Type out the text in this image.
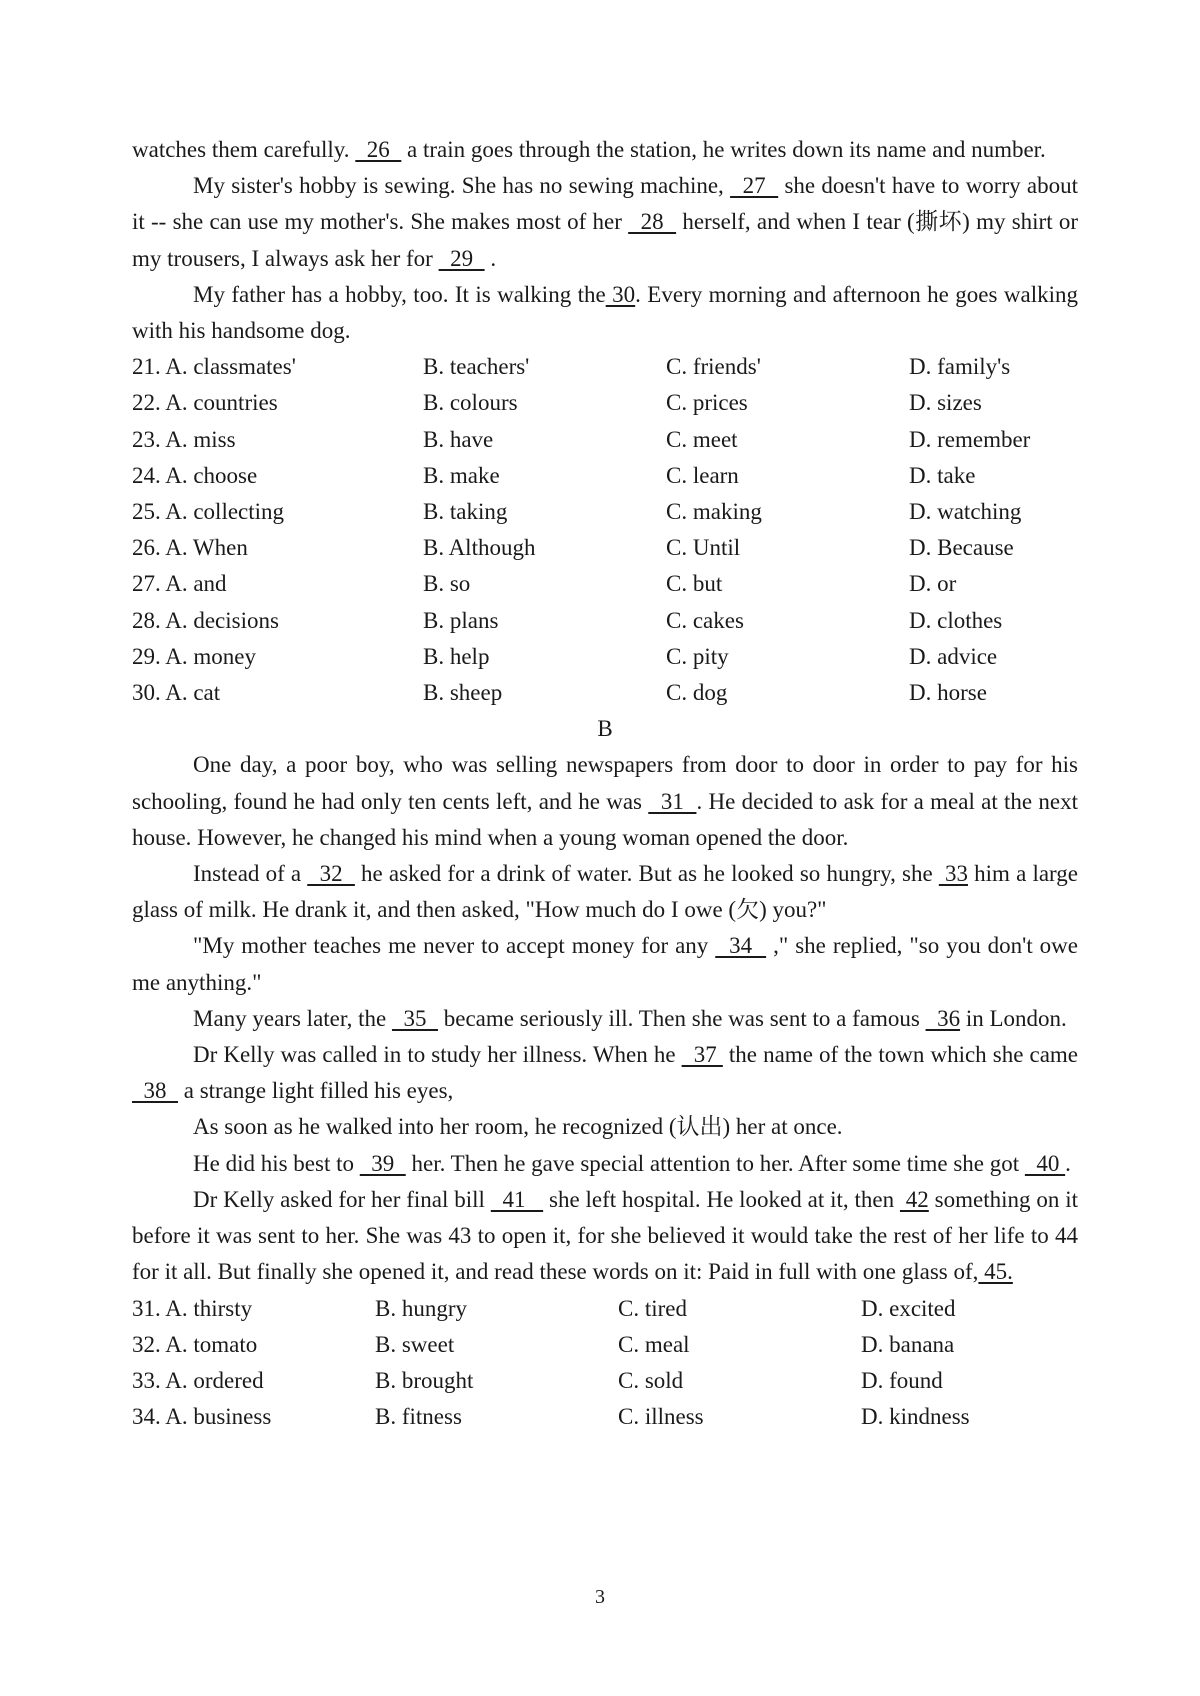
watches them carefully.   26   a train goes through the station, he writes down its name and number.

My sister's hobby is sewing. She has no sewing machine,   27   she doesn't have to worry about it -- she can use my mother's. She makes most of her   28   herself, and when I tear (撕坏) my shirt or my trousers, I always ask her for   29   .

My father has a hobby, too. It is walking the 30. Every morning and afternoon he goes walking with his handsome dog.

21. A. classmates'	B. teachers'	C. friends'	D. family's
22. A. countries	B. colours	C. prices	D. sizes
23. A. miss	B. have	C. meet	D. remember
24. A. choose	B. make	C. learn	D. take
25. A. collecting	B. taking	C. making	D. watching
26. A. When	B. Although	C. Until	D. Because
27. A. and	B. so	C. but	D. or
28. A. decisions	B. plans	C. cakes	D. clothes
29. A. money	B. help	C. pity	D. advice
30. A. cat	B. sheep	C. dog	D. horse

B

One day, a poor boy, who was selling newspapers from door to door in order to pay for his schooling, found he had only ten cents left, and he was   31  . He decided to ask for a meal at the next house. However, he changed his mind when a young woman opened the door.

Instead of a   32   he asked for a drink of water. But as he looked so hungry, she  33 him a large glass of milk. He drank it, and then asked, "How much do I owe (欠) you?"

"My mother teaches me never to accept money for any   34   ," she replied, "so you don't owe me anything."

Many years later, the   35   became seriously ill. Then she was sent to a famous   36 in London.

Dr Kelly was called in to study her illness. When he   37  the name of the town which she came   38   a strange light filled his eyes,

As soon as he walked into her room, he recognized (认出) her at once.

He did his best to   39   her. Then he gave special attention to her. After some time she got   40 .

Dr Kelly asked for her final bill   41    she left hospital. He looked at it, then  42 something on it before it was sent to her. She was 43 to open it, for she believed it would take the rest of her life to 44 for it all. But finally she opened it, and read these words on it: Paid in full with one glass of, 45.

31. A. thirsty	B. hungry	C. tired	D. excited
32. A. tomato	B. sweet	C. meal	D. banana
33. A. ordered	B. brought	C. sold	D. found
34. A. business	B. fitness	C. illness	D. kindness
3
